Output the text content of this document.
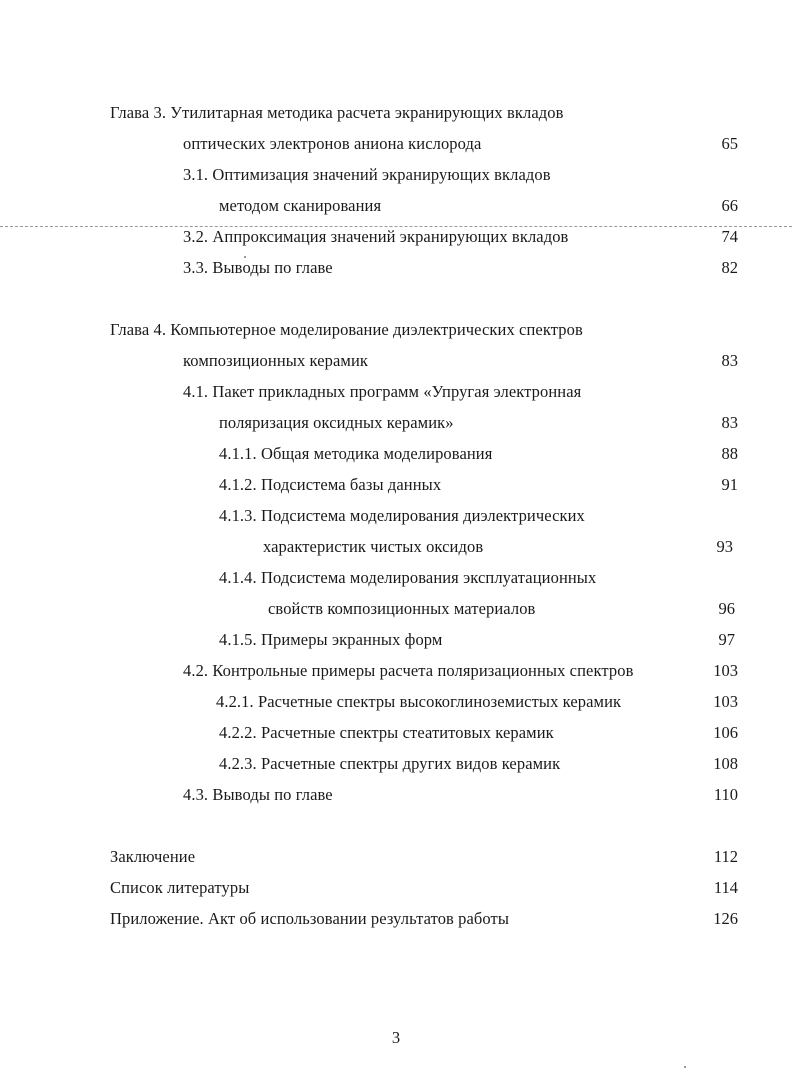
Глава 3. Утилитарная методика расчета экранирующих вкладов
оптических электронов аниона кислорода	65
3.1. Оптимизация значений экранирующих вкладов
методом сканирования	66
3.2. Аппроксимация значений экранирующих вкладов	74
3.3. Выводы по главе	82
Глава 4. Компьютерное моделирование диэлектрических спектров
композиционных керамик	83
4.1. Пакет прикладных программ «Упругая электронная
поляризация оксидных керамик»	83
4.1.1. Общая методика моделирования	88
4.1.2. Подсистема базы данных	91
4.1.3. Подсистема моделирования диэлектрических
характеристик чистых оксидов	93
4.1.4. Подсистема моделирования эксплуатационных
свойств композиционных материалов	96
4.1.5. Примеры экранных форм	97
4.2. Контрольные примеры расчета поляризационных спектров	103
4.2.1. Расчетные спектры высокоглиноземистых керамик	103
4.2.2. Расчетные спектры стеатитовых керамик	106
4.2.3. Расчетные спектры других видов керамик	108
4.3. Выводы по главе	110
Заключение	112
Список литературы	114
Приложение. Акт об использовании результатов работы	126
3
